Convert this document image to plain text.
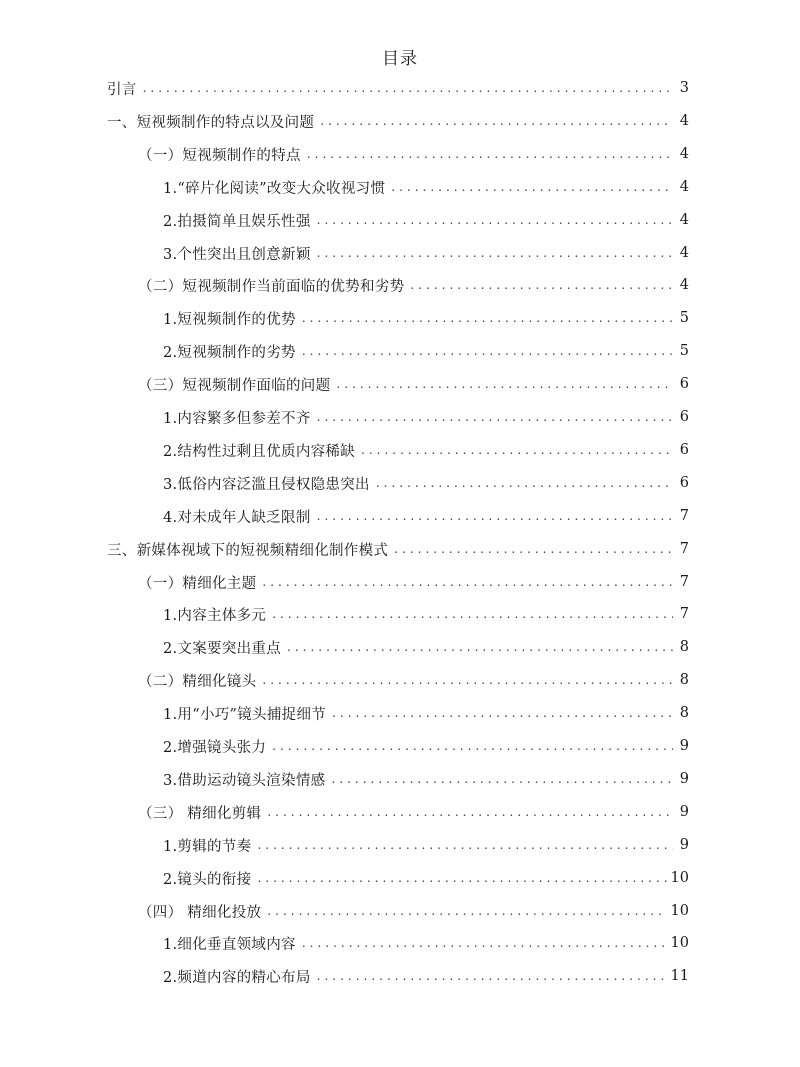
目录
引言 .....	3
一、短视频制作的特点以及问题 .....	4
（一）短视频制作的特点 .....	4
1.“碎片化阅读”改变大众收视习惯 .....	4
2.拍摄简单且娱乐性强 .....	4
3.个性突出且创意新颖 .....	4
（二）短视频制作当前面临的优势和劣势 .....	4
1.短视频制作的优势 .....	5
2.短视频制作的劣势 .....	5
（三）短视频制作面临的问题 .....	6
1.内容繁多但参差不齐 .....	6
2.结构性过剩且优质内容稀缺 .....	6
3.低俗内容泛滥且侵权隐患突出 .....	6
4.对未成年人缺乏限制 .....	7
三、新媒体视域下的短视频精细化制作模式 .....	7
（一）精细化主题 .....	7
1.内容主体多元 .....	7
2.文案要突出重点 .....	8
（二）精细化镜头 .....	8
1.用“小巧”镜头捕捉细节 .....	8
2.增强镜头张力 .....	9
3.借助运动镜头渲染情感 .....	9
（三） 精细化剪辑 .....	9
1.剪辑的节奏 .....	9
2.镜头的衔接 .....	10
（四） 精细化投放 .....	10
1.细化垂直领域内容 .....	10
2.频道内容的精心布局 .....	11
